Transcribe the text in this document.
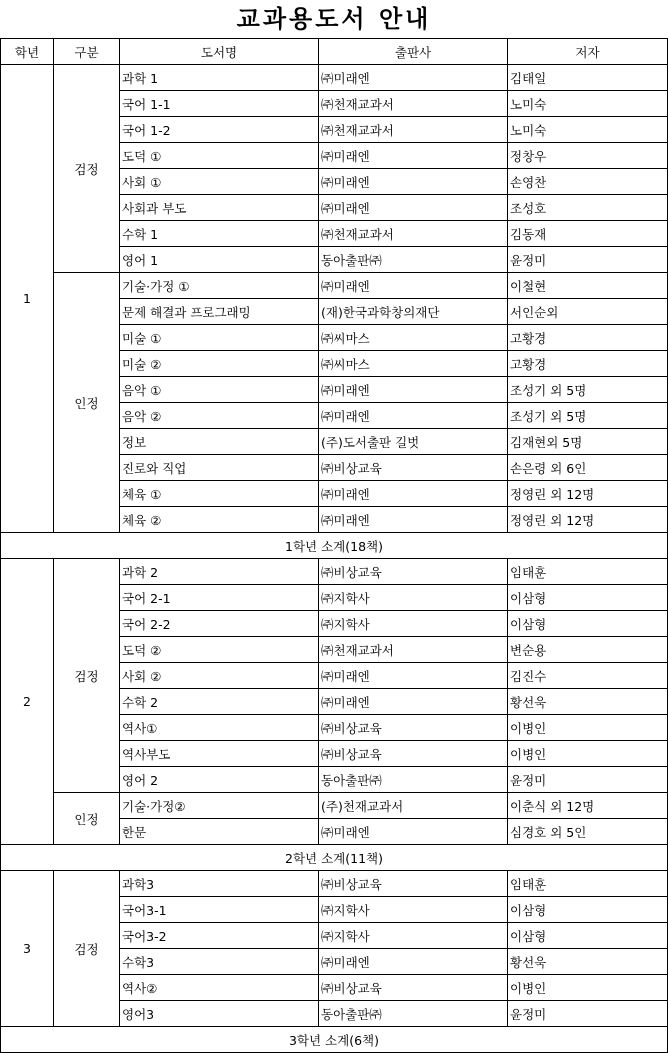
교과용도서 안내
학년	구분	도서명	출판사	저자
1	검정	과학 1	㈜미래엔	김태일
		국어 1-1	㈜천재교과서	노미숙
		국어 1-2	㈜천재교과서	노미숙
		도덕 ①	㈜미래엔	정창우
		사회 ①	㈜미래엔	손영찬
		사회과 부도	㈜미래엔	조성호
		수학 1	㈜천재교과서	김동재
		영어 1	동아출판㈜	윤정미
	인정	기술·가정 ①	㈜미래엔	이철현
		문제 해결과 프로그래밍	(재)한국과학창의재단	서인순외
		미술 ①	㈜씨마스	고황경
		미술 ②	㈜씨마스	고황경
		음악 ①	㈜미래엔	조성기 외 5명
		음악 ②	㈜미래엔	조성기 외 5명
		정보	(주)도서출판 길벗	김재현외 5명
		진로와 직업	㈜비상교육	손은령 외 6인
		체육 ①	㈜미래엔	정영린 외 12명
		체육 ②	㈜미래엔	정영린 외 12명
1학년 소계(18책)				
2	검정	과학 2	㈜비상교육	임태훈
		국어 2-1	㈜지학사	이삼형
		국어 2-2	㈜지학사	이삼형
		도덕 ②	㈜천재교과서	변순용
		사회 ②	㈜미래엔	김진수
		수학 2	㈜미래엔	황선욱
		역사①	㈜비상교육	이병인
		역사부도	㈜비상교육	이병인
		영어 2	동아출판㈜	윤정미
	인정	기술·가정②	(주)천재교과서	이춘식 외 12명
		한문	㈜미래엔	심경호 외 5인
2학년 소계(11책)				
3	검정	과학3	㈜비상교육	임태훈
		국어3-1	㈜지학사	이삼형
		국어3-2	㈜지학사	이삼형
		수학3	㈜미래엔	황선욱
		역사②	㈜비상교육	이병인
		영어3	동아출판㈜	윤정미
3학년 소계(6책)				
